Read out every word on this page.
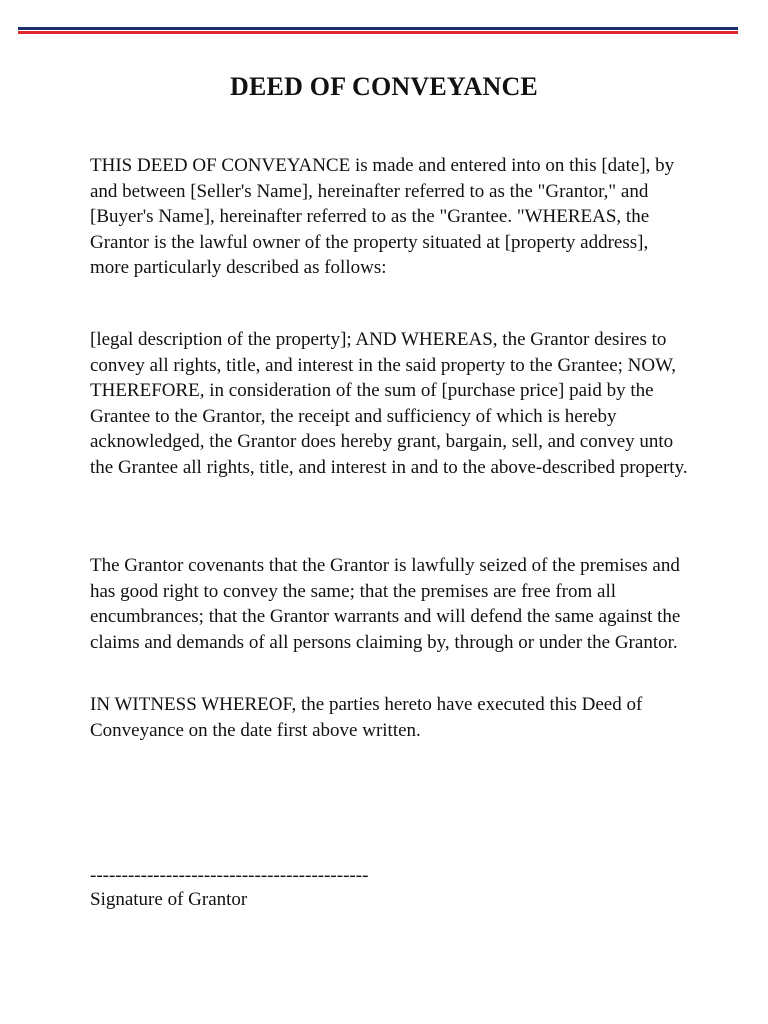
DEED OF CONVEYANCE

THIS DEED OF CONVEYANCE is made and entered into on this [date], by and between [Seller's Name], hereinafter referred to as the "Grantor," and [Buyer's Name], hereinafter referred to as the "Grantee. "WHEREAS, the Grantor is the lawful owner of the property situated at [property address], more particularly described as follows:

[legal description of the property]; AND WHEREAS, the Grantor desires to convey all rights, title, and interest in the said property to the Grantee; NOW, THEREFORE, in consideration of the sum of [purchase price] paid by the Grantee to the Grantor, the receipt and sufficiency of which is hereby acknowledged, the Grantor does hereby grant, bargain, sell, and convey unto the Grantee all rights, title, and interest in and to the above-described property.

The Grantor covenants that the Grantor is lawfully seized of the premises and has good right to convey the same; that the premises are free from all encumbrances; that the Grantor warrants and will defend the same against the claims and demands of all persons claiming by, through or under the Grantor.

IN WITNESS WHEREOF, the parties hereto have executed this Deed of Conveyance on the date first above written.

--------------------------------------------
Signature of Grantor
